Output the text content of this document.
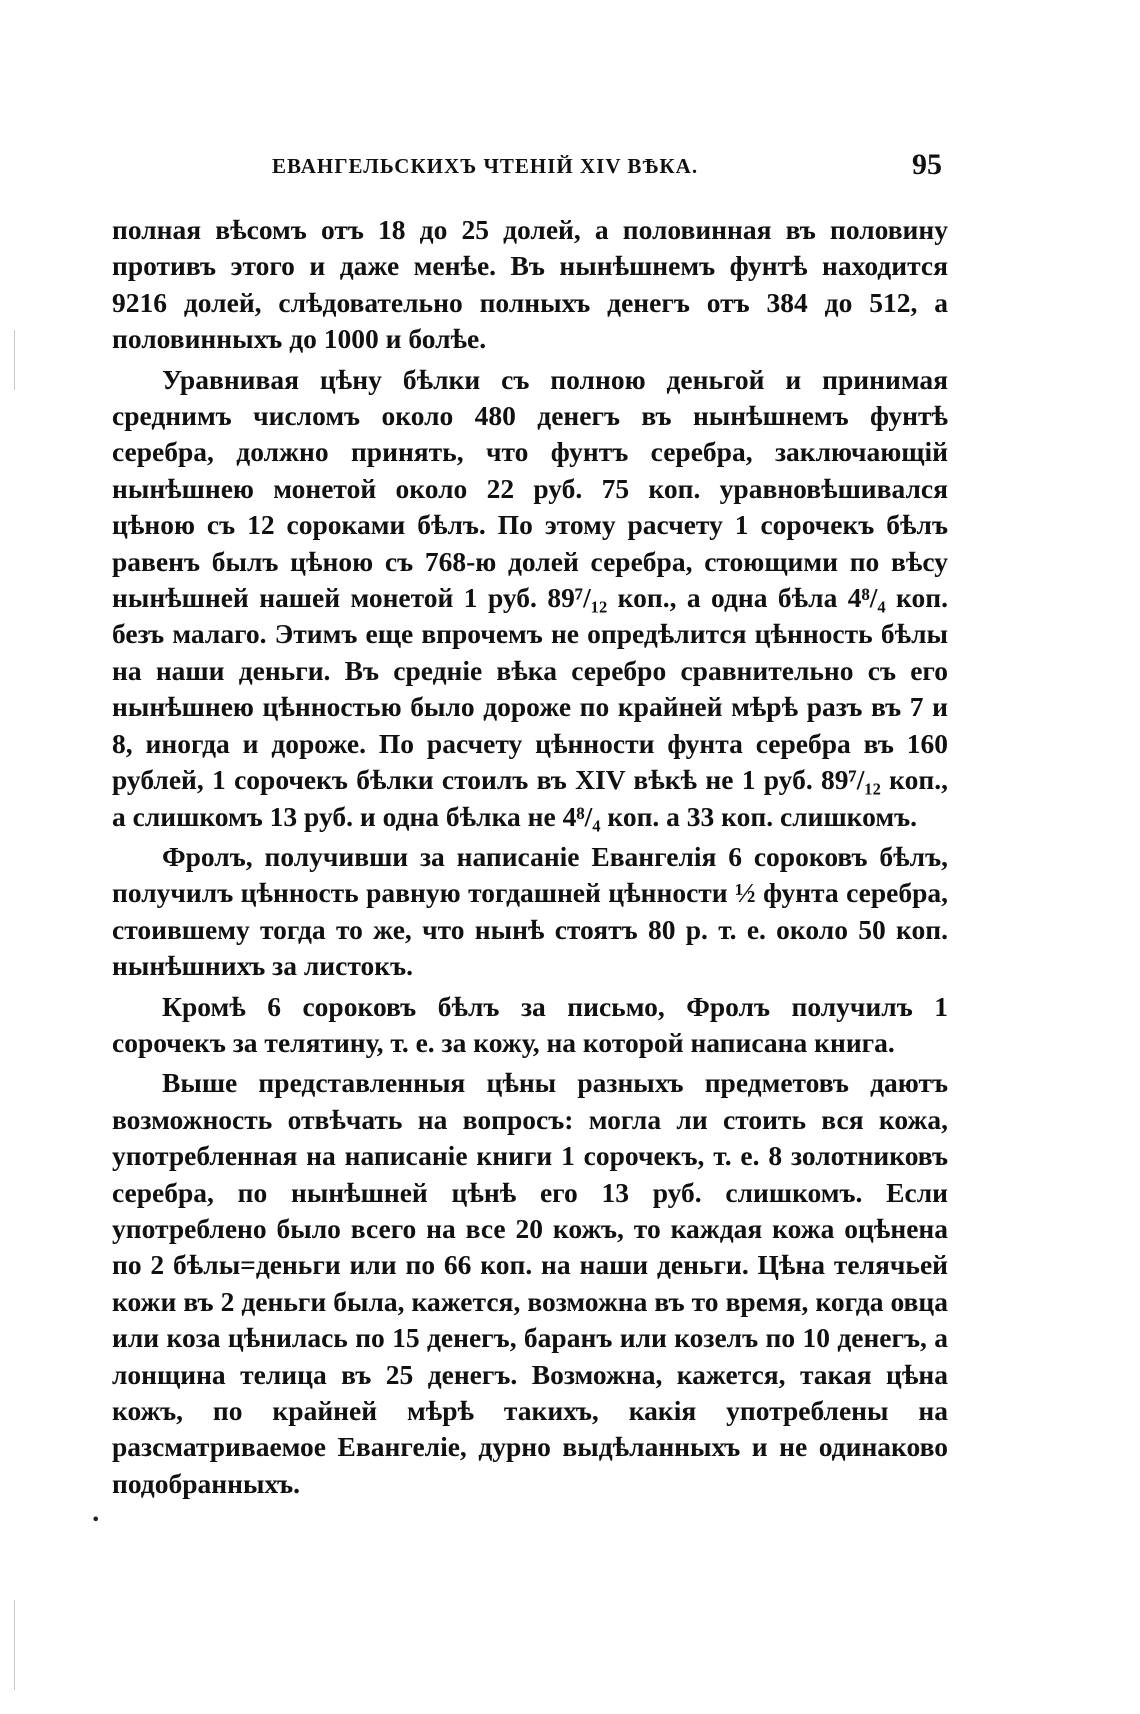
ЕВАНГЕЛЬСКИХЪ ЧТЕНІЙ XIV ВѢКА.	95

полная вѣсомъ отъ 18 до 25 долей, а половинная въ половину противъ этого и даже менѣе. Въ нынѣшнемъ фунтѣ находится 9216 долей, слѣдовательно полныхъ денегъ отъ 384 до 512, а половинныхъ до 1000 и болѣе.

Уравнивая цѣну бѣлки съ полною деньгой и принимая среднимъ числомъ около 480 денегъ въ нынѣшнемъ фунтѣ серебра, должно принять, что фунтъ серебра, заключающій нынѣшнею монетой около 22 руб. 75 коп. уравновѣшивался цѣною съ 12 сороками бѣлъ. По этому расчету 1 сорочекъ бѣлъ равенъ былъ цѣною съ 768-ю долей серебра, стоющими по вѣсу нынѣшней нашей монетой 1 руб. 89⁷/₁₂ коп., а одна бѣла 4⁸/₄ коп. безъ малаго. Этимъ еще впрочемъ не опредѣлится цѣнность бѣлы на наши деньги. Въ средніе вѣка серебро сравнительно съ его нынѣшнею цѣнностью было дороже по крайней мѣрѣ разъ въ 7 и 8, иногда и дороже. По расчету цѣнности фунта серебра въ 160 рублей, 1 сорочекъ бѣлки стоилъ въ XIV вѣкѣ не 1 руб. 89⁷/₁₂ коп., а слишкомъ 13 руб. и одна бѣлка не 4⁸/₄ коп. а 33 коп. слишкомъ.

Фролъ, получивши за написаніе Евангелія 6 сороковъ бѣлъ, получилъ цѣнность равную тогдашней цѣнности ½ фунта серебра, стоившему тогда то же, что нынѣ стоятъ 80 р. т. е. около 50 коп. нынѣшнихъ за листокъ.

Кромѣ 6 сороковъ бѣлъ за письмо, Фролъ получилъ 1 сорочекъ за телятину, т. е. за кожу, на которой написана книга.

Выше представленныя цѣны разныхъ предметовъ даютъ возможность отвѣчать на вопросъ: могла ли стоить вся кожа, употребленная на написаніе книги 1 сорочекъ, т. е. 8 золотниковъ серебра, по нынѣшней цѣнѣ его 13 руб. слишкомъ. Если употреблено было всего на все 20 кожъ, то каждая кожа оцѣнена по 2 бѣлы=деньги или по 66 коп. на наши деньги. Цѣна телячьей кожи въ 2 деньги была, кажется, возможна въ то время, когда овца или коза цѣнилась по 15 денегъ, баранъ или козелъ по 10 денегъ, а лонщина телица въ 25 денегъ. Возможна, кажется, такая цѣна кожъ, по крайней мѣрѣ такихъ, какія употреблены на разсматриваемое Евангеліе, дурно выдѣланныхъ и не одинаково подобранныхъ.

•
